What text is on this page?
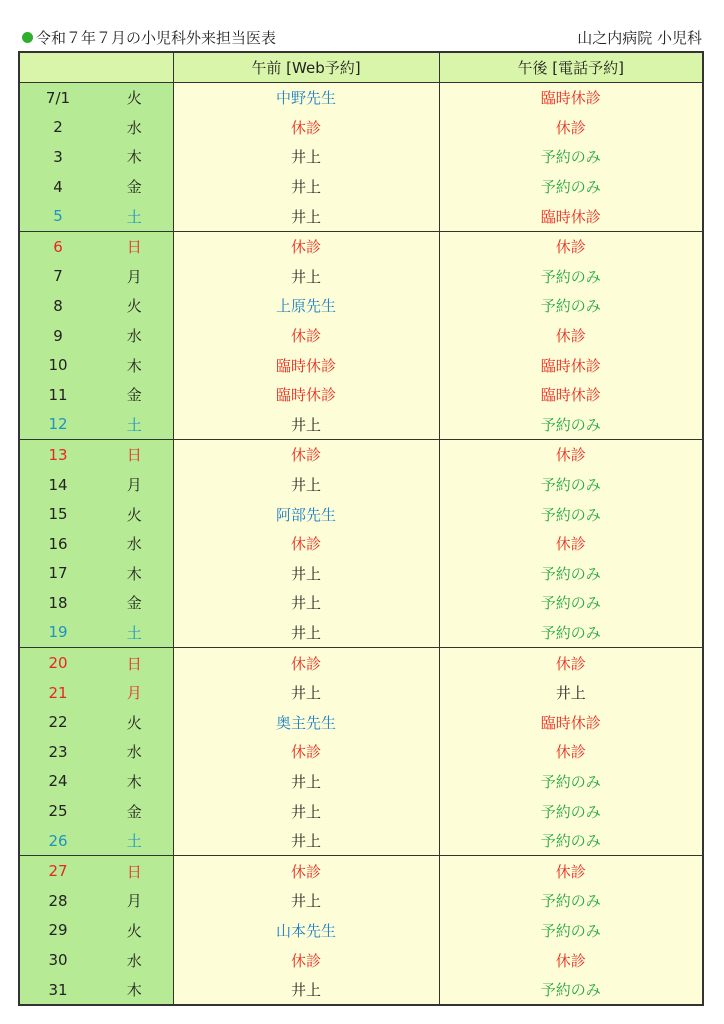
令和７年７月の小児科外来担当医表	山之内病院 小児科
		午前 [Web予約]	午後 [電話予約]
7/1	火	中野先生	臨時休診
2	水	休診	休診
3	木	井上	予約のみ
4	金	井上	予約のみ
5	土	井上	臨時休診
6	日	休診	休診
7	月	井上	予約のみ
8	火	上原先生	予約のみ
9	水	休診	休診
10	木	臨時休診	臨時休診
11	金	臨時休診	臨時休診
12	土	井上	予約のみ
13	日	休診	休診
14	月	井上	予約のみ
15	火	阿部先生	予約のみ
16	水	休診	休診
17	木	井上	予約のみ
18	金	井上	予約のみ
19	土	井上	予約のみ
20	日	休診	休診
21	月	井上	井上
22	火	奥主先生	臨時休診
23	水	休診	休診
24	木	井上	予約のみ
25	金	井上	予約のみ
26	土	井上	予約のみ
27	日	休診	休診
28	月	井上	予約のみ
29	火	山本先生	予約のみ
30	水	休診	休診
31	木	井上	予約のみ
